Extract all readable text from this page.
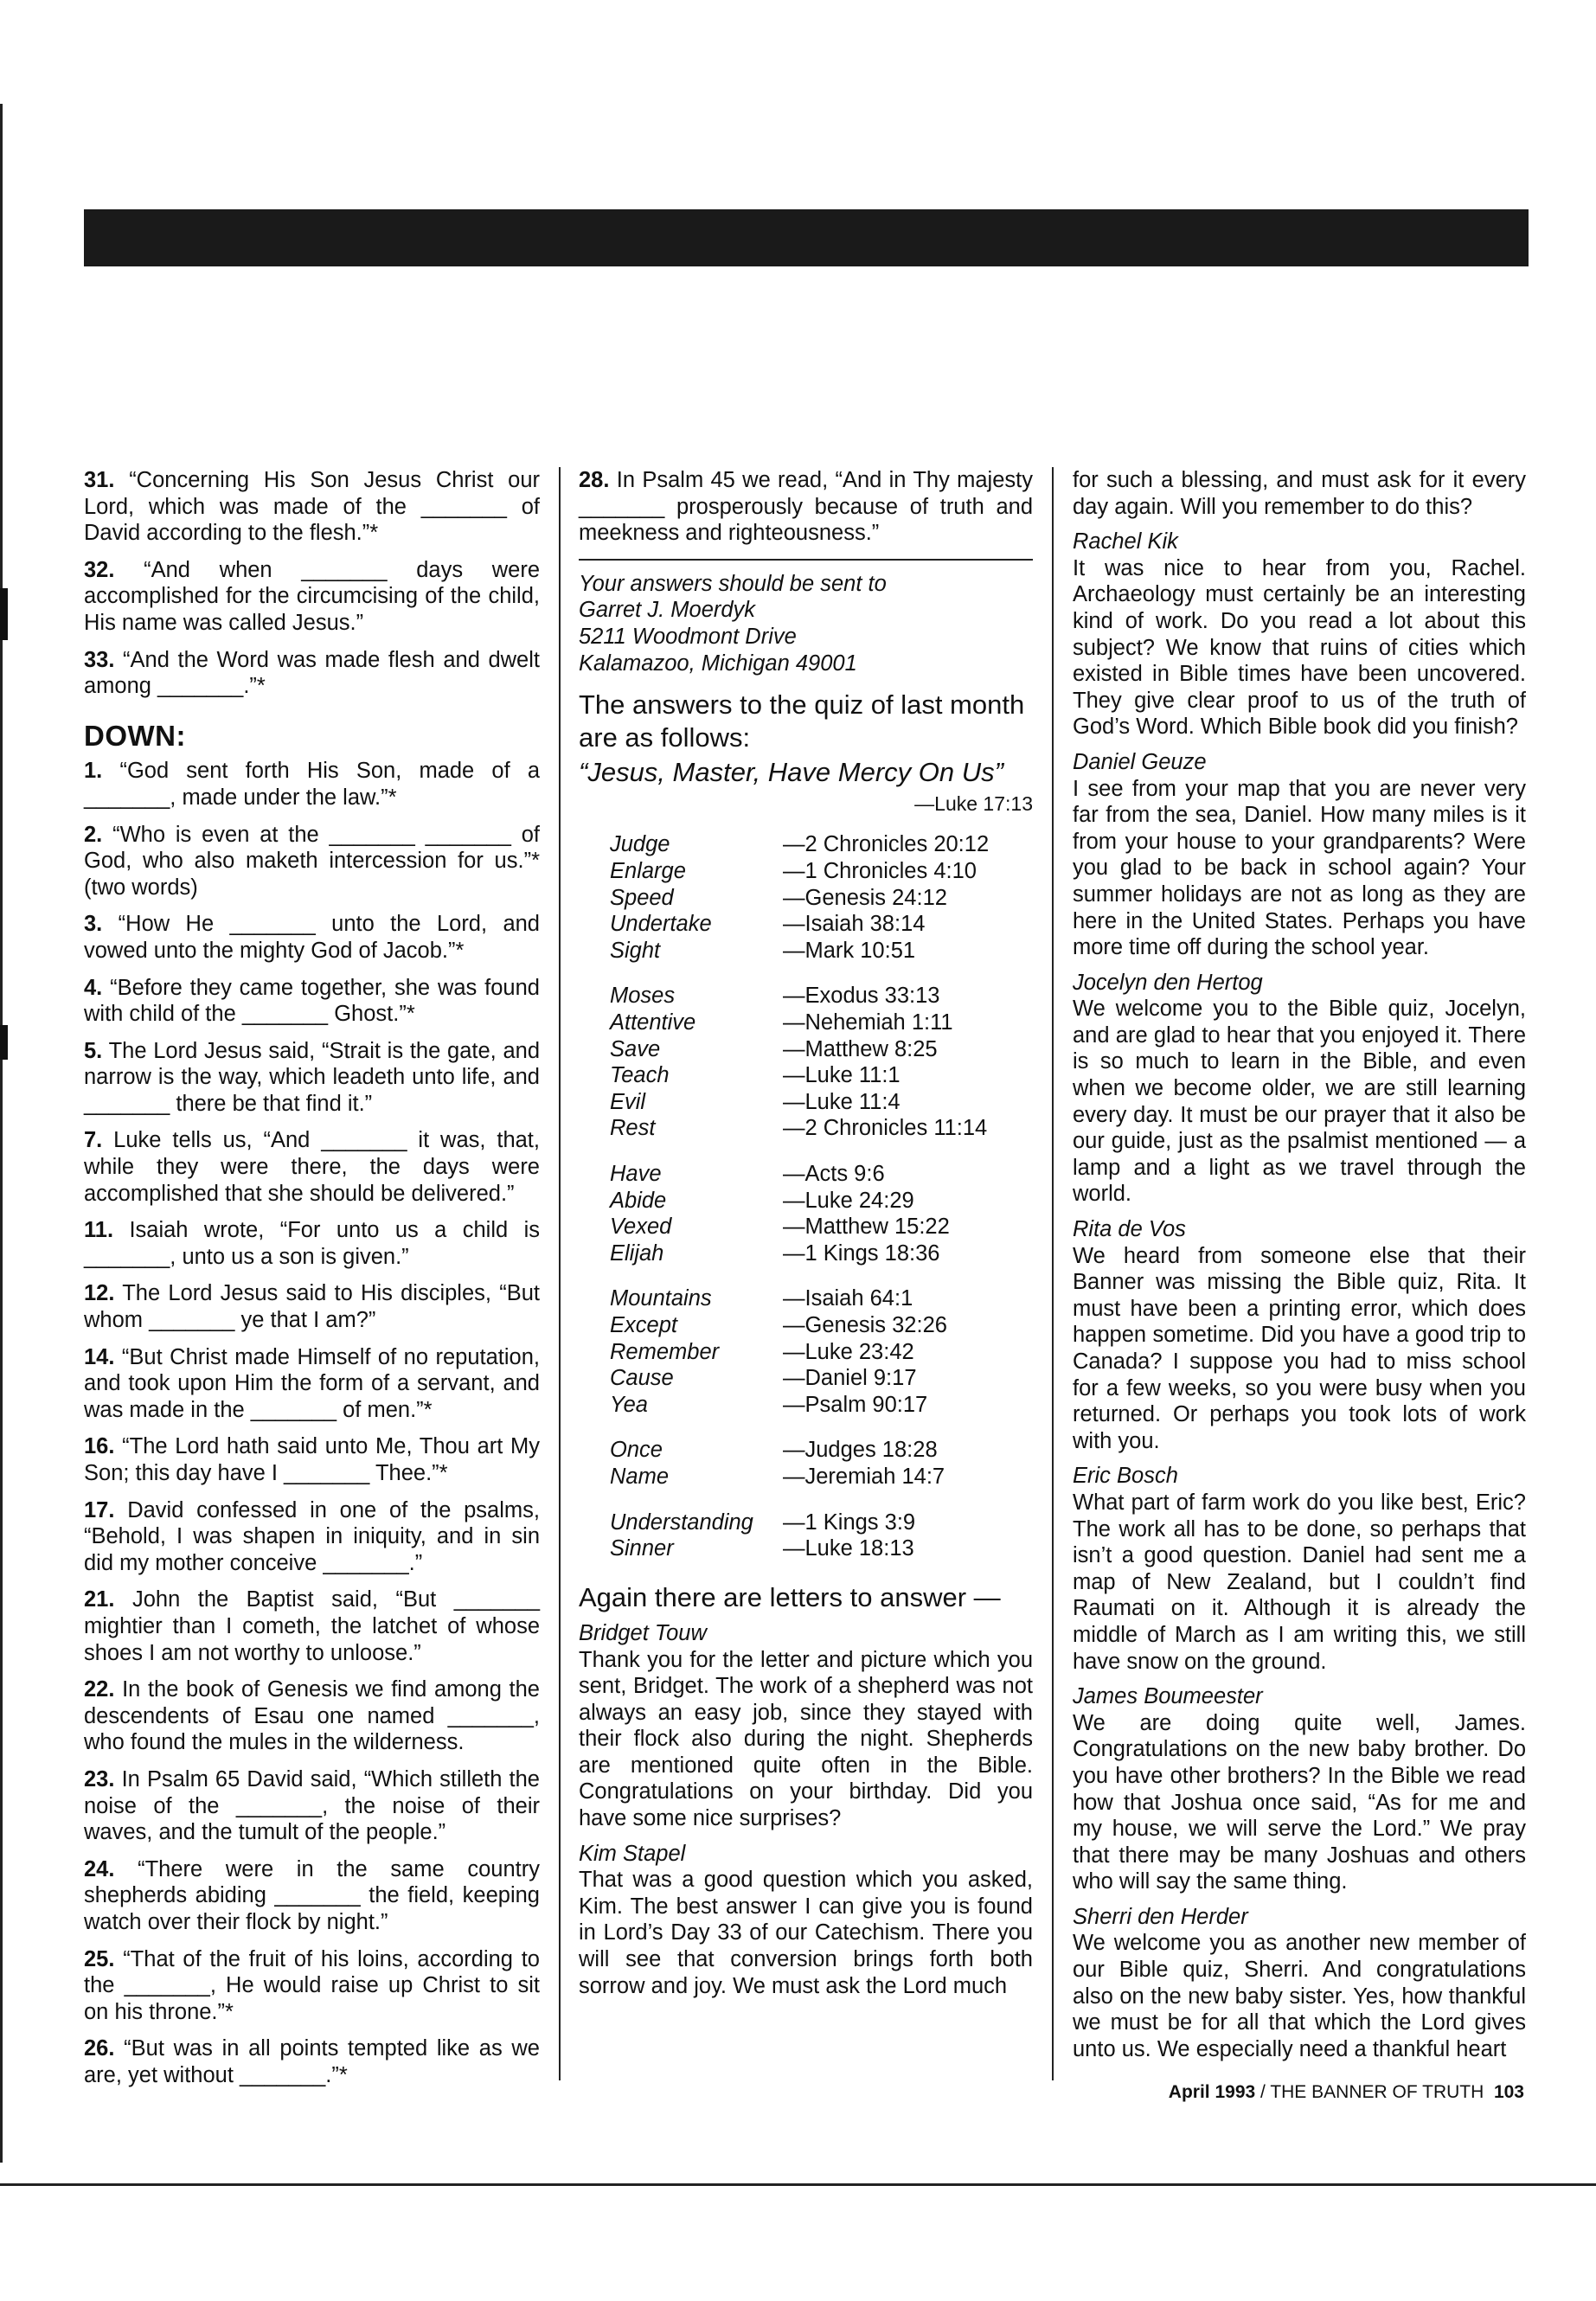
31. “Concerning His Son Jesus Christ our Lord, which was made of the _______ of David according to the flesh.”*

32. “And when _______ days were accomplished for the circumcising of the child, His name was called Jesus.”

33. “And the Word was made flesh and dwelt among _______.”*

DOWN:

1. “God sent forth His Son, made of a _______, made under the law.”*

2. “Who is even at the _______ _______ of God, who also maketh intercession for us.”* (two words)

3. “How He _______ unto the Lord, and vowed unto the mighty God of Jacob.”*

4. “Before they came together, she was found with child of the _______ Ghost.”*

5. The Lord Jesus said, “Strait is the gate, and narrow is the way, which leadeth unto life, and _______ there be that find it.”

7. Luke tells us, “And _______ it was, that, while they were there, the days were accomplished that she should be delivered.”

11. Isaiah wrote, “For unto us a child is _______, unto us a son is given.”

12. The Lord Jesus said to His disciples, “But whom _______ ye that I am?”

14. “But Christ made Himself of no reputation, and took upon Him the form of a servant, and was made in the _______ of men.”*

16. “The Lord hath said unto Me, Thou art My Son; this day have I _______ Thee.”*

17. David confessed in one of the psalms, “Behold, I was shapen in iniquity, and in sin did my mother conceive _______.”

21. John the Baptist said, “But _______ mightier than I cometh, the latchet of whose shoes I am not worthy to unloose.”

22. In the book of Genesis we find among the descendents of Esau one named _______, who found the mules in the wilderness.

23. In Psalm 65 David said, “Which stilleth the noise of the _______, the noise of their waves, and the tumult of the people.”

24. “There were in the same country shepherds abiding _______ the field, keeping watch over their flock by night.”

25. “That of the fruit of his loins, according to the _______, He would raise up Christ to sit on his throne.”*

26. “But was in all points tempted like as we are, yet without _______.”*

28. In Psalm 45 we read, “And in Thy majesty _______ prosperously because of truth and meekness and righteousness.”

Your answers should be sent to
Garret J. Moerdyk
5211 Woodmont Drive
Kalamazoo, Michigan 49001
The answers to the quiz of last month are as follows:
“Jesus, Master, Have Mercy On Us”
—Luke 17:13
Judge	—2 Chronicles 20:12
Enlarge	—1 Chronicles 4:10
Speed	—Genesis 24:12
Undertake	—Isaiah 38:14
Sight	—Mark 10:51
Moses	—Exodus 33:13
Attentive	—Nehemiah 1:11
Save	—Matthew 8:25
Teach	—Luke 11:1
Evil	—Luke 11:4
Rest	—2 Chronicles 11:14
Have	—Acts 9:6
Abide	—Luke 24:29
Vexed	—Matthew 15:22
Elijah	—1 Kings 18:36
Mountains	—Isaiah 64:1
Except	—Genesis 32:26
Remember	—Luke 23:42
Cause	—Daniel 9:17
Yea	—Psalm 90:17
Once	—Judges 18:28
Name	—Jeremiah 14:7
Understanding	—1 Kings 3:9
Sinner	—Luke 18:13
Again there are letters to answer —
Bridget Touw
Thank you for the letter and picture which you sent, Bridget. The work of a shepherd was not always an easy job, since they stayed with their flock also during the night. Shepherds are mentioned quite often in the Bible. Congratulations on your birthday. Did you have some nice surprises?
Kim Stapel
That was a good question which you asked, Kim. The best answer I can give you is found in Lord’s Day 33 of our Catechism. There you will see that conversion brings forth both sorrow and joy. We must ask the Lord much
for such a blessing, and must ask for it every day again. Will you remember to do this?
Rachel Kik
It was nice to hear from you, Rachel. Archaeology must certainly be an interesting kind of work. Do you read a lot about this subject? We know that ruins of cities which existed in Bible times have been uncovered. They give clear proof to us of the truth of God’s Word. Which Bible book did you finish?
Daniel Geuze
I see from your map that you are never very far from the sea, Daniel. How many miles is it from your house to your grandparents? Were you glad to be back in school again? Your summer holidays are not as long as they are here in the United States. Perhaps you have more time off during the school year.
Jocelyn den Hertog
We welcome you to the Bible quiz, Jocelyn, and are glad to hear that you enjoyed it. There is so much to learn in the Bible, and even when we become older, we are still learning every day. It must be our prayer that it also be our guide, just as the psalmist mentioned — a lamp and a light as we travel through the world.
Rita de Vos
We heard from someone else that their Banner was missing the Bible quiz, Rita. It must have been a printing error, which does happen sometime. Did you have a good trip to Canada? I suppose you had to miss school for a few weeks, so you were busy when you returned. Or perhaps you took lots of work with you.
Eric Bosch
What part of farm work do you like best, Eric? The work all has to be done, so perhaps that isn’t a good question. Daniel had sent me a map of New Zealand, but I couldn’t find Raumati on it. Although it is already the middle of March as I am writing this, we still have snow on the ground.
James Boumeester
We are doing quite well, James. Congratulations on the new baby brother. Do you have other brothers? In the Bible we read how that Joshua once said, “As for me and my house, we will serve the Lord.” We pray that there may be many Joshuas and others who will say the same thing.
Sherri den Herder
We welcome you as another new member of our Bible quiz, Sherri. And congratulations also on the new baby sister. Yes, how thankful we must be for all that which the Lord gives unto us. We especially need a thankful heart
April 1993 / THE BANNER OF TRUTH 103
